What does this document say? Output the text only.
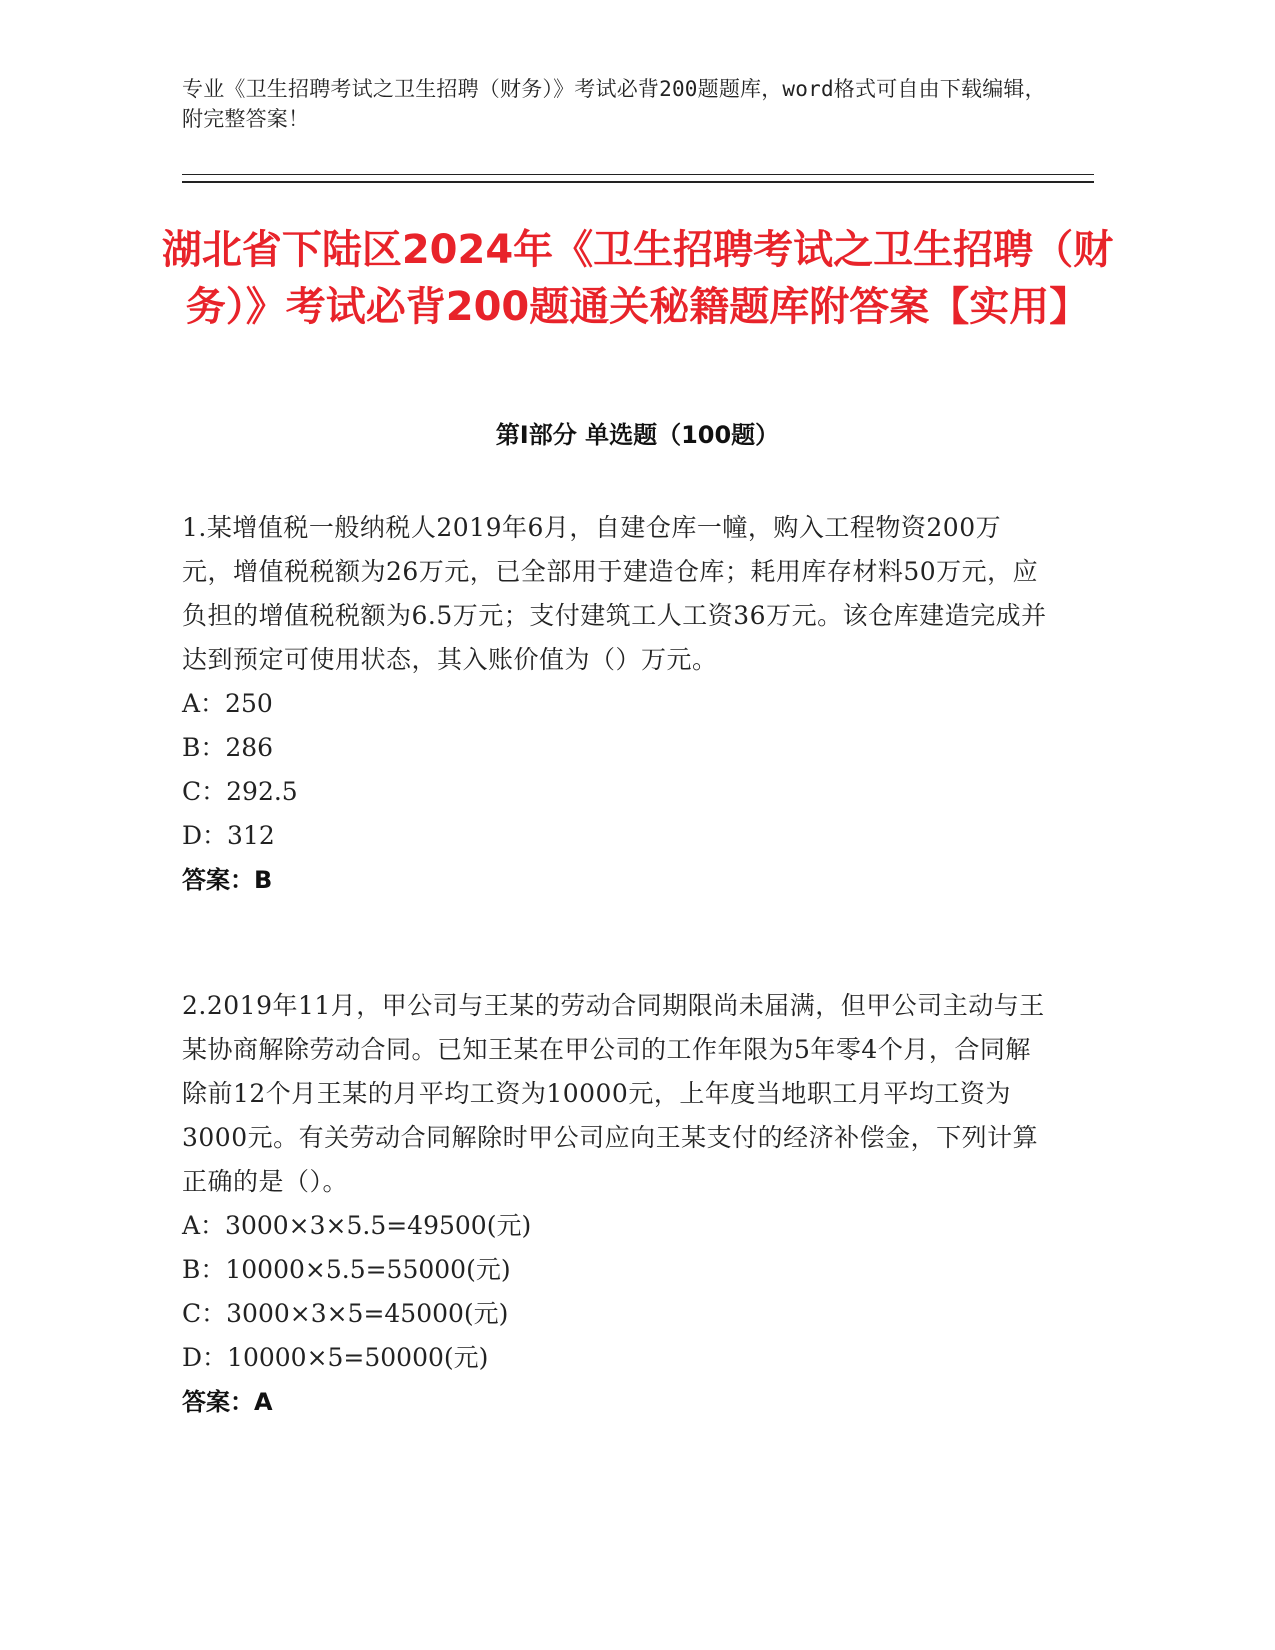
专业《卫生招聘考试之卫生招聘（财务）》考试必背200题题库，word格式可自由下载编辑，附完整答案！
湖北省下陆区2024年《卫生招聘考试之卫生招聘（财务）》考试必背200题通关秘籍题库附答案【实用】
第Ⅰ部分 单选题（100题）

1.某增值税一般纳税人2019年6月，自建仓库一幢，购入工程物资200万元，增值税税额为26万元，已全部用于建造仓库；耗用库存材料50万元，应负担的增值税税额为6.5万元；支付建筑工人工资36万元。该仓库建造完成并达到预定可使用状态，其入账价值为（）万元。

A：250

B：286

C：292.5

D：312

答案：B

2.2019年11月，甲公司与王某的劳动合同期限尚未届满，但甲公司主动与王某协商解除劳动合同。已知王某在甲公司的工作年限为5年零4个月，合同解除前12个月王某的月平均工资为10000元，上年度当地职工月平均工资为3000元。有关劳动合同解除时甲公司应向王某支付的经济补偿金，下列计算正确的是（）。

A：3000×3×5.5=49500(元)

B：10000×5.5=55000(元)

C：3000×3×5=45000(元)

D：10000×5=50000(元)

答案：A
